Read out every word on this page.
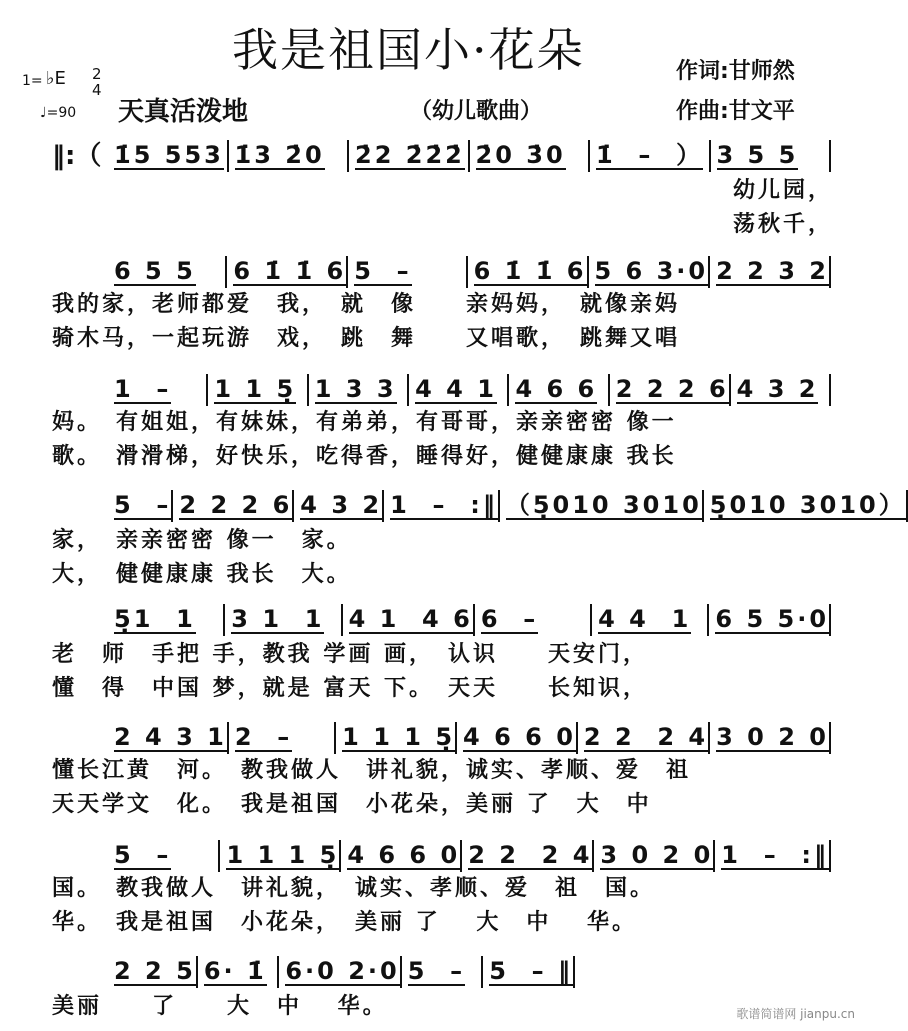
我是祖国小·花朵	作词:甘师然
作曲:甘文平
1= ♭E 2
4
♩=90 天真活泼地	（幼儿歌曲）
‖:（ 1̇5 553 1̇3 2̇0 2̇2 2̇2̇2̇ 2̇0 3̇0 1̇  –  ） 3 5 5
幼儿园，
荡秋千，
6 5 5 6 1̇ 1̇ 6 5  –	6 1̇ 1̇ 6 5 6 3·0 2 2 3 2
我的家，老师都爱　我，　就　像　　亲妈妈，　就像亲妈
骑木马，一起玩游　戏，　跳　舞　　又唱歌，　跳舞又唱
1  – 1 1 5̣ 1 3 3 4 4 1 4 6 6 2 2 2 6 4 3 2
妈。　有姐姐，有妹妹，有弟弟，有哥哥，亲亲密密 像一
歌。　滑滑梯，好快乐，吃得香，睡得好，健健康康 我长
5  – 2 2 2 6 4 3 2 1  –  :‖ （5̣010 3010 5̣010 3010）
家，　亲亲密密 像一　家。
大，　健健康康 我长　大。
5̣1  1 3 1  1 4 1  4 6 6  – 4 4  1 6 5 5·0
老　师　手把 手，教我 学画 画，　认识　　天安门，
懂　得　中国 梦，就是 富天 下。　天天　　长知识，
2 4 3 1 2  – 1 1 1 5̣ 4 6 6 0 2 2  2 4 3 0 2 0
懂长江黄　河。　教我做人　讲礼貌，诚实、孝顺、爱　祖
天天学文　化。　我是祖国　小花朵，美丽 了　大　中
5  – 1 1 1 5̣ 4 6 6 0 2 2  2 4 3 0 2 0 1  –  :‖
国。　教我做人　讲礼貌，　诚实、孝顺、爱　祖　国。
华。　我是祖国　小花朵，　美丽 了　 大　中　 华。
2 2 5 6· 1̇ 6·0 2·0 5  – 5  – ‖
美丽　　了　　大　中　 华。	歌谱简谱网 jianpu.cn
